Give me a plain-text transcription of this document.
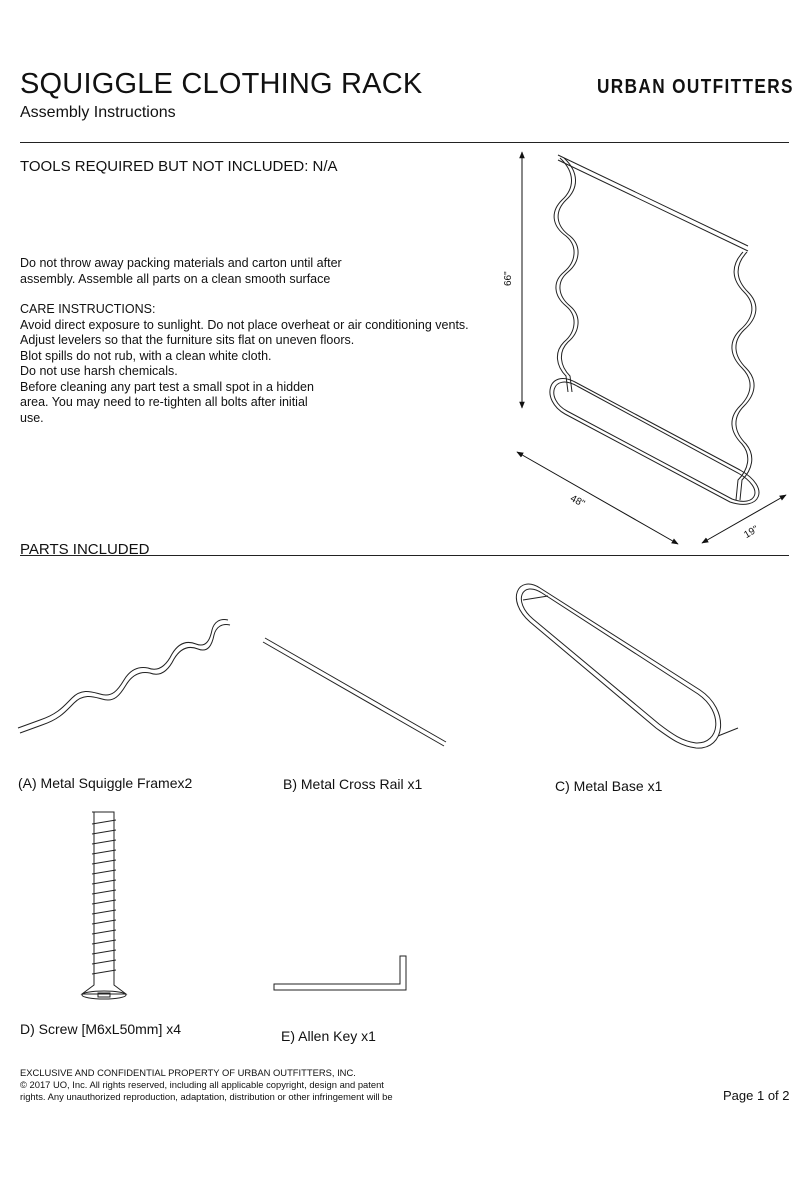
SQUIGGLE CLOTHING RACK
Assembly Instructions
URBAN OUTFITTERS
TOOLS REQUIRED BUT NOT INCLUDED: N/A
Do not throw away packing materials and carton until after
assembly. Assemble all parts on a clean smooth surface
CARE INSTRUCTIONS:
Avoid direct exposure to sunlight. Do not place overheat or air conditioning vents.
Adjust levelers so that the furniture sits flat on uneven floors.
Blot spills do not rub, with a clean white cloth.
Do not use harsh chemicals.
Before cleaning any part test a small spot in a hidden
area. You may need to re-tighten all bolts after initial
use.
66"
48"
19"
PARTS INCLUDED
(A) Metal Squiggle Framex2	B) Metal Cross Rail x1	C) Metal Base x1
D) Screw [M6xL50mm] x4	E) Allen Key x1
EXCLUSIVE AND CONFIDENTIAL PROPERTY OF URBAN OUTFITTERS, INC.
© 2017 UO, Inc. All rights reserved, including all applicable copyright, design and patent
rights. Any unauthorized reproduction, adaptation, distribution or other infringement will be	Page 1 of 2
